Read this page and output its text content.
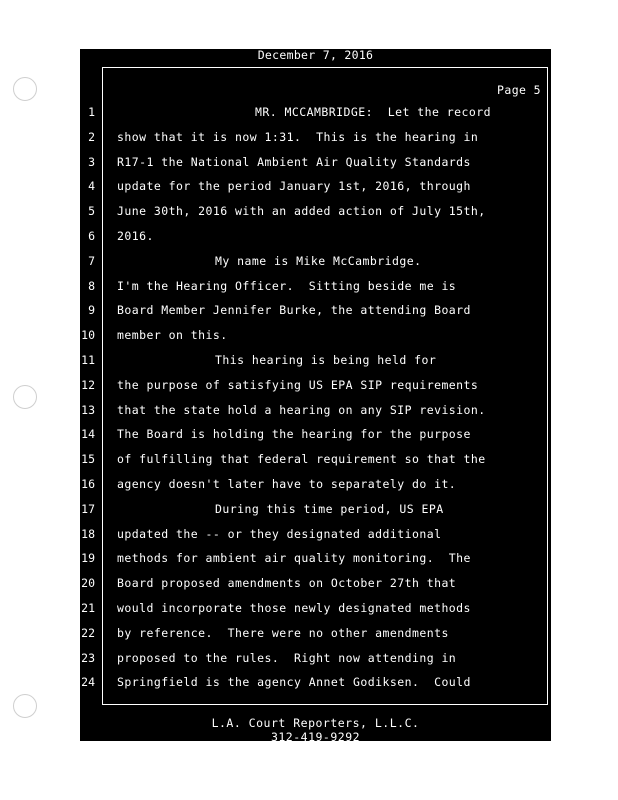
December 7, 2016
Page 5
1	MR. MCCAMBRIDGE:  Let the record
2 show that it is now 1:31.  This is the hearing in
3 R17-1 the National Ambient Air Quality Standards
4 update for the period January 1st, 2016, through
5 June 30th, 2016 with an added action of July 15th,
6 2016.
7	My name is Mike McCambridge.
8 I'm the Hearing Officer.  Sitting beside me is
9 Board Member Jennifer Burke, the attending Board
10 member on this.
11	This hearing is being held for
12 the purpose of satisfying US EPA SIP requirements
13 that the state hold a hearing on any SIP revision.
14 The Board is holding the hearing for the purpose
15 of fulfilling that federal requirement so that the
16 agency doesn't later have to separately do it.
17	During this time period, US EPA
18 updated the -- or they designated additional
19 methods for ambient air quality monitoring.  The
20 Board proposed amendments on October 27th that
21 would incorporate those newly designated methods
22 by reference.  There were no other amendments
23 proposed to the rules.  Right now attending in
24 Springfield is the agency Annet Godiksen.  Could
L.A. Court Reporters, L.L.C.
312-419-9292
